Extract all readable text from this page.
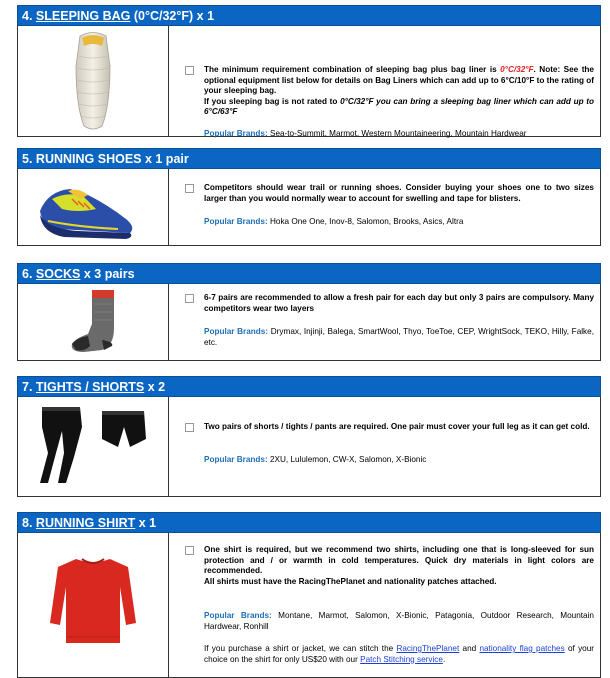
4. SLEEPING BAG (0°C/32°F) x 1
The minimum requirement combination of sleeping bag plus bag liner is 0°C/32°F. Note: See the optional equipment list below for details on Bag Liners which can add up to 6°C/10°F to the rating of your sleeping bag.
If you sleeping bag is not rated to 0°C/32°F you can bring a sleeping bag liner which can add up to 6°C/63°F
Popular Brands: Sea-to-Summit, Marmot, Western Mountaineering, Mountain Hardwear
5. RUNNING SHOES x 1 pair
Competitors should wear trail or running shoes. Consider buying your shoes one to two sizes larger than you would normally wear to account for swelling and tape for blisters.
Popular Brands: Hoka One One, Inov-8, Salomon, Brooks, Asics, Altra
6. SOCKS x 3 pairs
6-7 pairs are recommended to allow a fresh pair for each day but only 3 pairs are compulsory. Many competitors wear two layers
Popular Brands: Drymax, Injinji, Balega, SmartWool, Thyo, ToeToe, CEP, WrightSock, TEKO, Hilly, Falke, etc.
7. TIGHTS / SHORTS x 2
Two pairs of shorts / tights / pants are required. One pair must cover your full leg as it can get cold.
Popular Brands: 2XU, Lululemon, CW-X, Salomon, X-Bionic
8. RUNNING SHIRT x 1
One shirt is required, but we recommend two shirts, including one that is long-sleeved for sun protection and / or warmth in cold temperatures. Quick dry materials in light colors are recommended.
All shirts must have the RacingThePlanet and nationality patches attached.
Popular Brands: Montane, Marmot, Salomon, X-Bionic, Patagonia, Outdoor Research, Mountain Hardwear, Ronhill
If you purchase a shirt or jacket, we can stitch the RacingThePlanet and nationality flag patches of your choice on the shirt for only US$20 with our Patch Stitching service.
